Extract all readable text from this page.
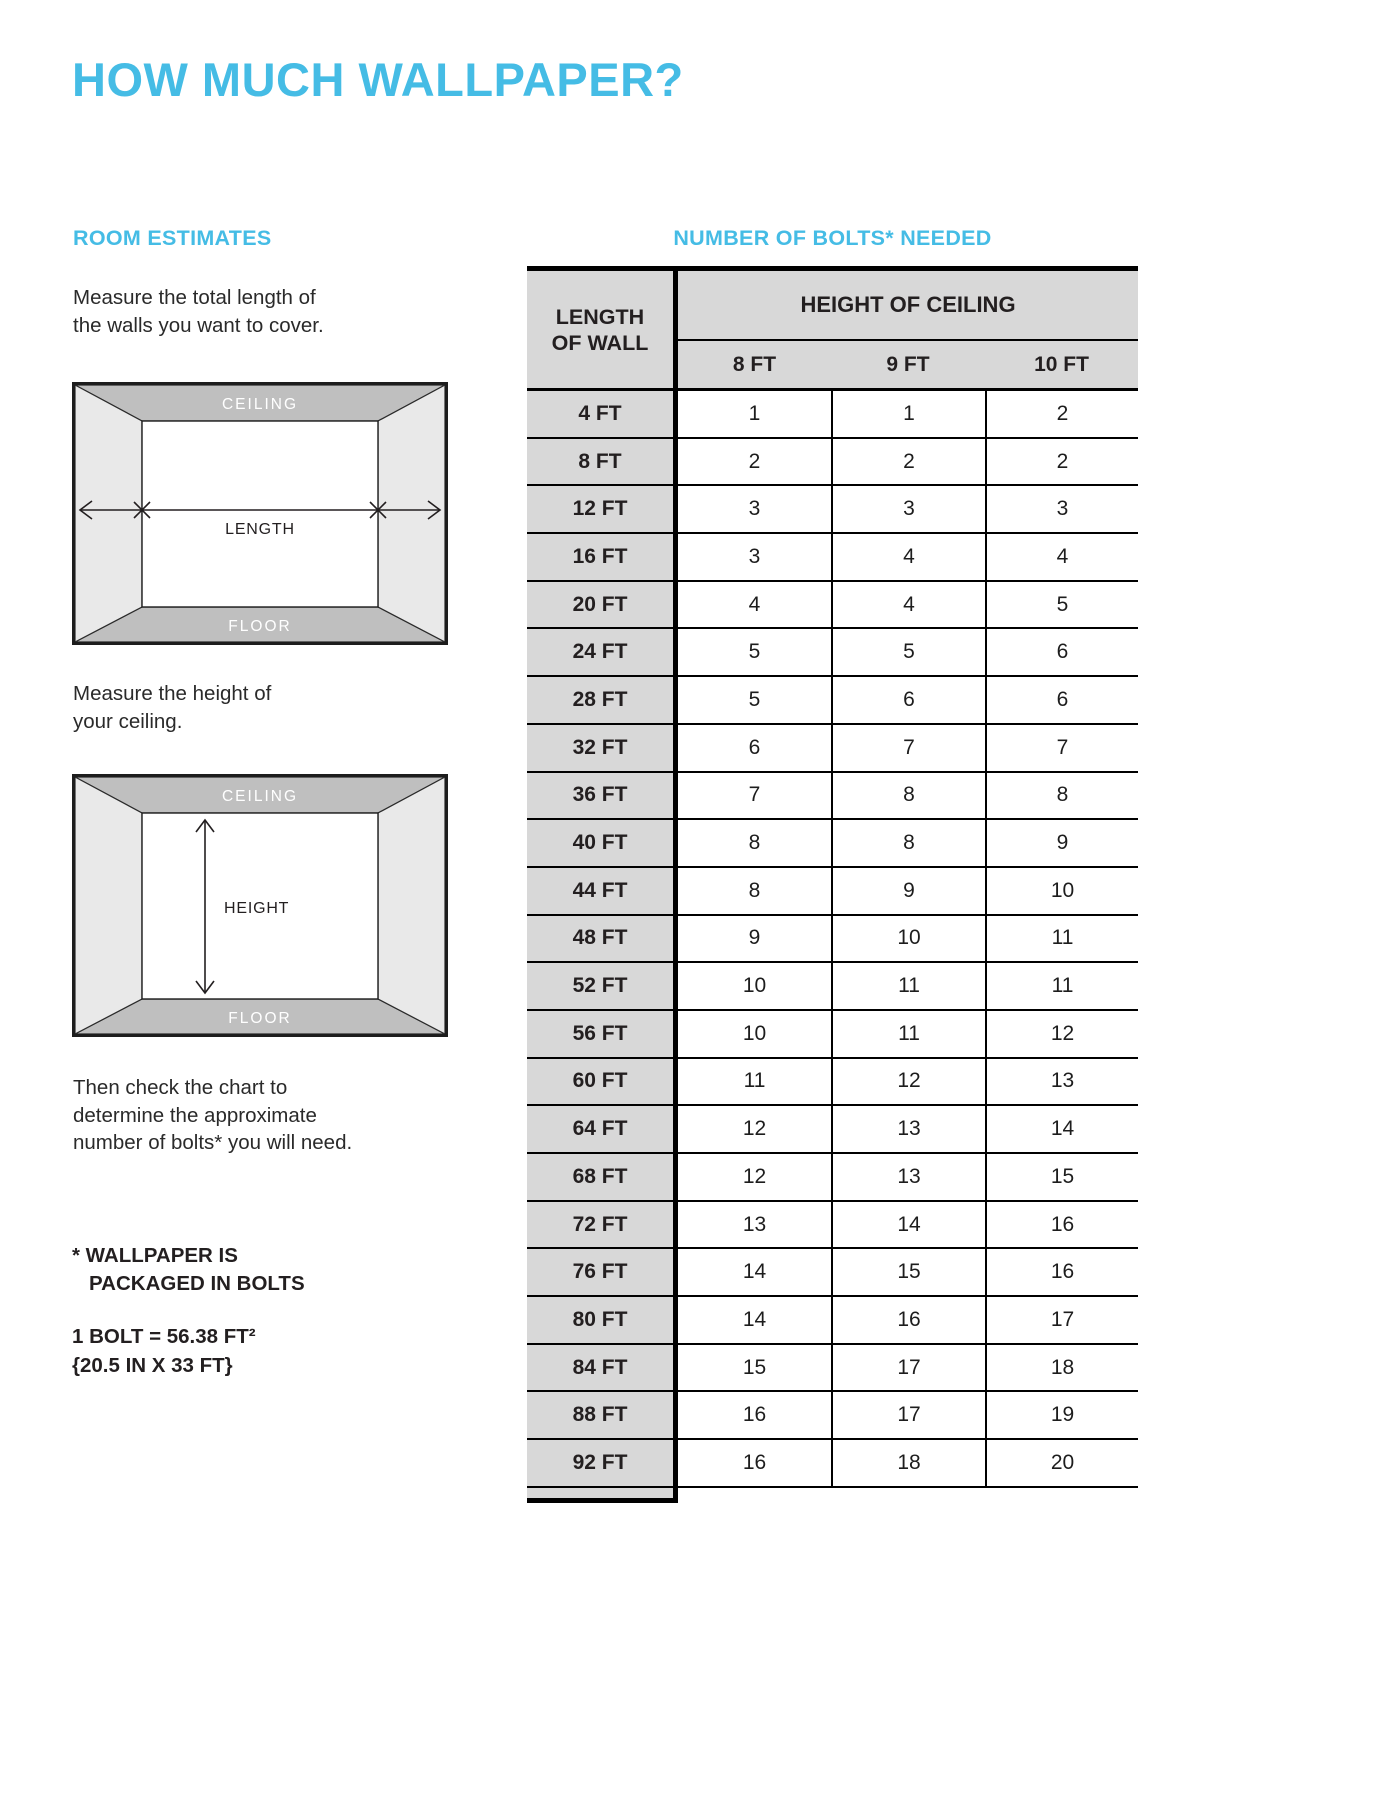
HOW MUCH WALLPAPER?
ROOM ESTIMATES
Measure the total length of
the walls you want to cover.
CEILING
FLOOR
LENGTH
Measure the height of
your ceiling.
CEILING
FLOOR
HEIGHT
Then check the chart to
determine the approximate
number of bolts* you will need.
* WALLPAPER IS
PACKAGED IN BOLTS
1 BOLT = 56.38 FT²
{20.5 IN X 33 FT}
NUMBER OF BOLTS* NEEDED
LENGTH OF WALL
HEIGHT OF CEILING
8 FT	9 FT	10 FT
4 FT	1	1	2
8 FT	2	2	2
12 FT	3	3	3
16 FT	3	4	4
20 FT	4	4	5
24 FT	5	5	6
28 FT	5	6	6
32 FT	6	7	7
36 FT	7	8	8
40 FT	8	8	9
44 FT	8	9	10
48 FT	9	10	11
52 FT	10	11	11
56 FT	10	11	12
60 FT	11	12	13
64 FT	12	13	14
68 FT	12	13	15
72 FT	13	14	16
76 FT	14	15	16
80 FT	14	16	17
84 FT	15	17	18
88 FT	16	17	19
92 FT	16	18	20
